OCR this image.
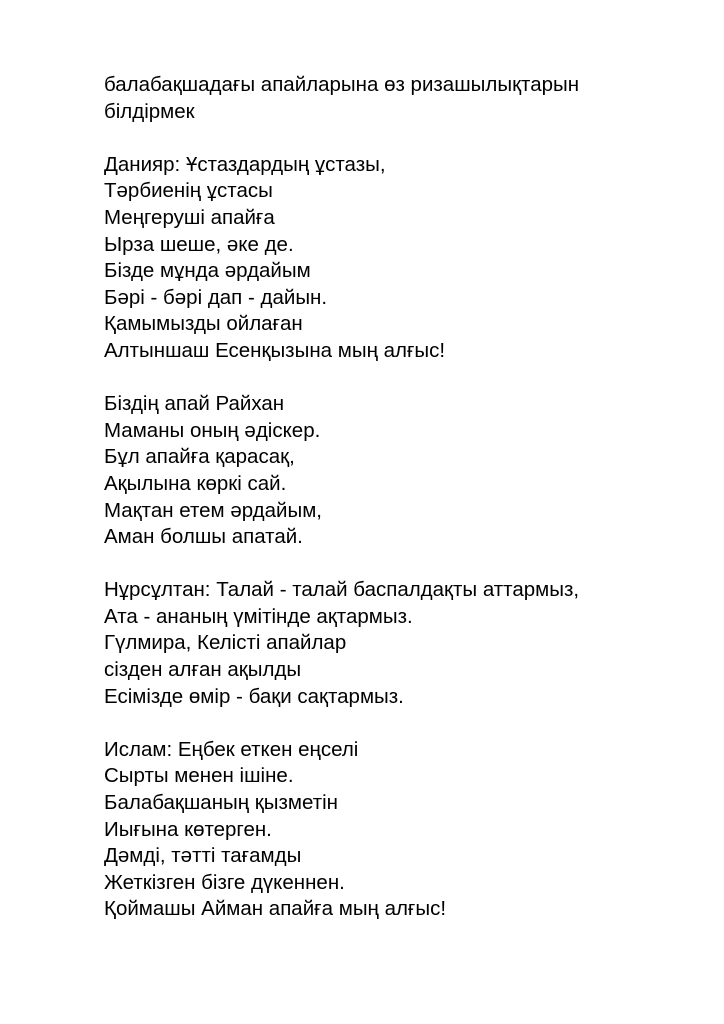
балабақшадағы апайларына өз ризашылықтарын
білдірмек
Данияр: Ұстаздардың ұстазы,
Тәрбиенің ұстасы
Меңгеруші апайға
Ырза шеше, әке де.
Бізде мұнда әрдайым
Бәрі - бәрі дап - дайын.
Қамымызды ойлаған
Алтыншаш Есенқызына мың алғыс!
Біздің апай Райхан
Маманы оның әдіскер.
Бұл апайға қарасақ,
Ақылына көркі сай.
Мақтан етем әрдайым,
Аман болшы апатай.
Нұрсұлтан: Талай - талай баспалдақты аттармыз,
Ата - ананың үмітінде ақтармыз.
Гүлмира, Келісті апайлар
сізден алған ақылды
Есімізде өмір - бақи сақтармыз.
Ислам: Еңбек еткен еңселі
Сырты менен ішіне.
Балабақшаның қызметін
Иығына көтерген.
Дәмді, тәтті тағамды
Жеткізген бізге дүкеннен.
Қоймашы Айман апайға мың алғыс!
